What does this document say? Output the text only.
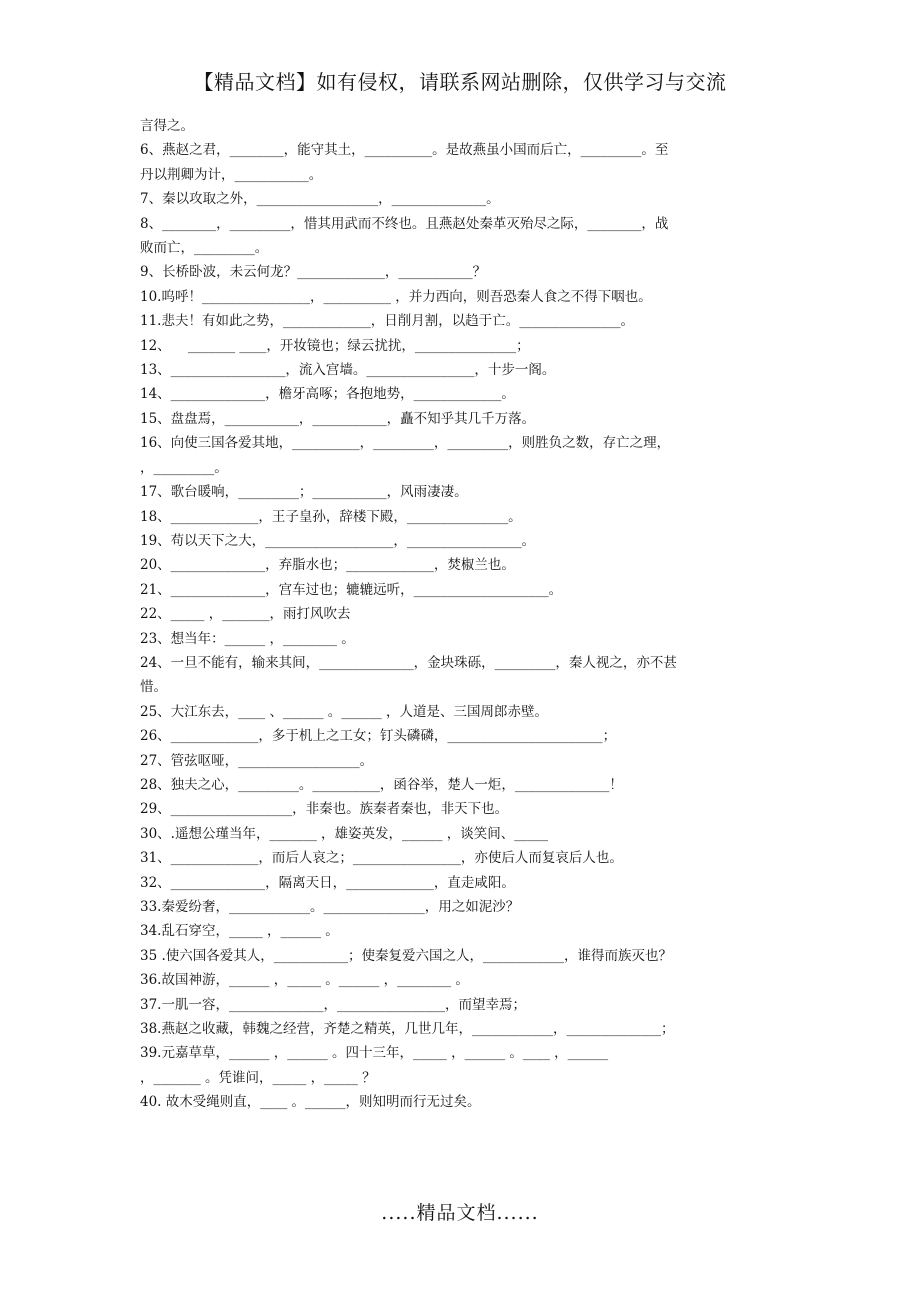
【精品文档】如有侵权，请联系网站删除，仅供学习与交流
言得之。
6、燕赵之君，________，能守其土，__________。是故燕虽小国而后亡，_________。至
丹以荆卿为计，___________。
7、秦以攻取之外，__________________，______________。
8、________，_________，惜其用武而不终也。且燕赵处秦革灭殆尽之际，________，战
败而亡，_________。
9、长桥卧波，未云何龙？_____________，___________？
10.呜呼！________________，__________ ，并力西向，则吾恐秦人食之不得下咽也。
11.悲夫！有如此之势，_____________，日削月割，以趋于亡。_______________。
12、    _______ ____，开妆镜也；绿云扰扰，_______________；
13、_________________，流入宫墙。________________，十步一阁。
14、______________，檐牙高啄；各抱地势，_____________。
15、盘盘焉，___________，___________，矗不知乎其几千万落。
16、向使三国各爱其地，__________，_________，_________，则胜负之数，存亡之理，
，_________。
17、歌台暖响，_________；___________，风雨凄凄。
18、_____________，王子皇孙，辞楼下殿，_______________。
19、苟以天下之大，___________________，_________________。
20、______________，弃脂水也；_____________，焚椒兰也。
21、______________，宫车过也；辘辘远听，____________________。
22、_____ ，_______，雨打风吹去
23、想当年：______ ，________ 。
24、一旦不能有，输来其间，______________，金块珠砾，_________，秦人视之，亦不甚
惜。
25、大江东去，____ 、______ 。______ ，人道是、三国周郎赤壁。
26、_____________，多于机上之工女；钉头磷磷，_______________________；
27、管弦呕哑，__________________。
28、独夫之心，_________。__________，函谷举，楚人一炬，______________！
29、__________________，非秦也。族秦者秦也，非天下也。
30、.遥想公瑾当年，_______ ，雄姿英发，______ ，谈笑间、_____
31、_____________，而后人哀之；________________，亦使后人而复哀后人也。
32、______________，隔离天日，_____________，直走咸阳。
33.秦爱纷奢，____________。_______________，用之如泥沙？
34.乱石穿空，_____ ，______ 。
35 .使六国各爱其人，___________；使秦复爱六国之人，____________，谁得而族灭也？
36.故国神游，______ ，_____ 。______ ，________ 。
37.一肌一容，______________，________________，而望幸焉；
38.燕赵之收藏，韩魏之经营，齐楚之精英，几世几年，____________，______________；
39.元嘉草草，______ ，______ 。四十三年，_____ ，______ 。____ ，______
，_______ 。凭谁问，_____ ，_____ ？
40. 故木受绳则直，____ 。______，则知明而行无过矣。
.....精品文档......
